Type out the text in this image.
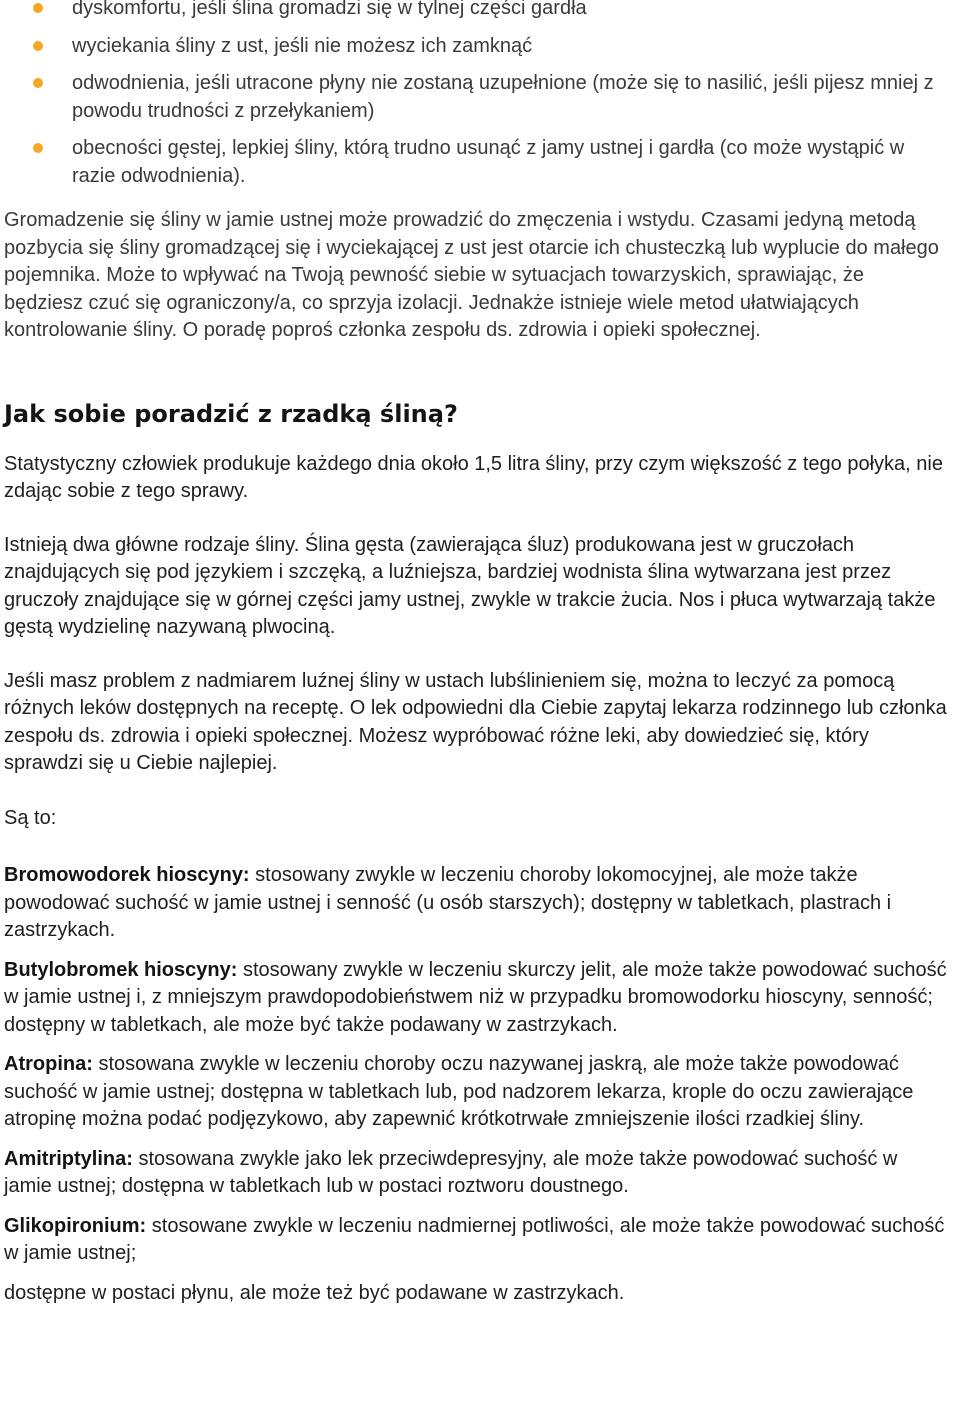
dyskomfortu, jeśli ślina gromadzi się w tylnej części gardła
wyciekania śliny z ust, jeśli nie możesz ich zamknąć
odwodnienia, jeśli utracone płyny nie zostaną uzupełnione (może się to nasilić, jeśli pijesz mniej z powodu trudności z przełykaniem)
obecności gęstej, lepkiej śliny, którą trudno usunąć z jamy ustnej i gardła (co może wystąpić w razie odwodnienia).

Gromadzenie się śliny w jamie ustnej może prowadzić do zmęczenia i wstydu. Czasami jedyną metodą pozbycia się śliny gromadzącej się i wyciekającej z ust jest otarcie ich chusteczką lub wyplucie do małego pojemnika. Może to wpływać na Twoją pewność siebie w sytuacjach towarzyskich, sprawiając, że będziesz czuć się ograniczony/a, co sprzyja izolacji. Jednakże istnieje wiele metod ułatwiających kontrolowanie śliny. O poradę poproś członka zespołu ds. zdrowia i opieki społecznej.

Jak sobie poradzić z rzadką śliną?

Statystyczny człowiek produkuje każdego dnia około 1,5 litra śliny, przy czym większość z tego połyka, nie zdając sobie z tego sprawy.

Istnieją dwa główne rodzaje śliny. Ślina gęsta (zawierająca śluz) produkowana jest w gruczołach znajdujących się pod językiem i szczęką, a luźniejsza, bardziej wodnista ślina wytwarzana jest przez gruczoły znajdujące się w górnej części jamy ustnej, zwykle w trakcie żucia. Nos i płuca wytwarzają także gęstą wydzielinę nazywaną plwociną.

Jeśli masz problem z nadmiarem luźnej śliny w ustach lubślinieniem się, można to leczyć za pomocą różnych leków dostępnych na receptę. O lek odpowiedni dla Ciebie zapytaj lekarza rodzinnego lub członka zespołu ds. zdrowia i opieki społecznej. Możesz wypróbować różne leki, aby dowiedzieć się, który sprawdzi się u Ciebie najlepiej.

Są to:

Bromowodorek hioscyny: stosowany zwykle w leczeniu choroby lokomocyjnej, ale może także powodować suchość w jamie ustnej i senność (u osób starszych); dostępny w tabletkach, plastrach i zastrzykach.

Butylobromek hioscyny: stosowany zwykle w leczeniu skurczy jelit, ale może także powodować suchość w jamie ustnej i, z mniejszym prawdopodobieństwem niż w przypadku bromowodorku hioscyny, senność; dostępny w tabletkach, ale może być także podawany w zastrzykach.

Atropina: stosowana zwykle w leczeniu choroby oczu nazywanej jaskrą, ale może także powodować suchość w jamie ustnej; dostępna w tabletkach lub, pod nadzorem lekarza, krople do oczu zawierające atropinę można podać podjęzykowo, aby zapewnić krótkotrwałe zmniejszenie ilości rzadkiej śliny.

Amitriptylina: stosowana zwykle jako lek przeciwdepresyjny, ale może także powodować suchość w jamie ustnej; dostępna w tabletkach lub w postaci roztworu doustnego.

Glikopironium: stosowane zwykle w leczeniu nadmiernej potliwości, ale może także powodować suchość w jamie ustnej;

dostępne w postaci płynu, ale może też być podawane w zastrzykach.
